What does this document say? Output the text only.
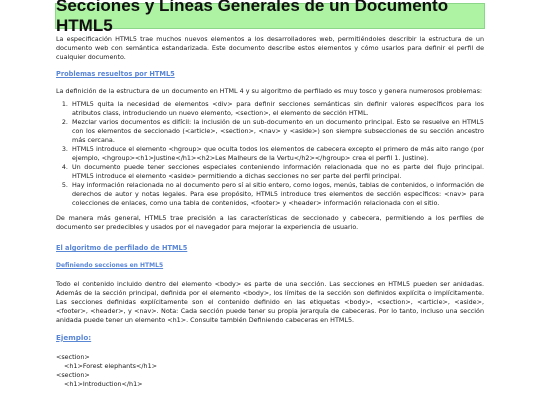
Secciones y Líneas Generales de un Documento HTML5

La especificación HTML5 trae muchos nuevos elementos a los desarrolladores web, permitiéndoles describir la estructura de un documento web con semántica estandarizada. Este documento describe estos elementos y cómo usarlos para definir el perfil de cualquier documento.

Problemas resueltos por HTML5

La definición de la estructura de un documento en HTML 4 y su algoritmo de perfilado es muy tosco y genera numerosos problemas:

1. HTML5 quita la necesidad de elementos <div> para definir secciones semánticas sin definir valores específicos para los atributos class, introduciendo un nuevo elemento, <section>, el elemento de sección HTML.
2. Mezclar varios documentos es difícil: la inclusión de un sub-documento en un documento principal. Esto se resuelve en HTML5 con los elementos de seccionado (<article>, <section>, <nav> y <aside>) son siempre subsecciones de su sección ancestro más cercana.
3. HTML5 introduce el elemento <hgroup> que oculta todos los elementos de cabecera excepto el primero de más alto rango (por ejemplo, <hgroup><h1>Justine</h1><h2>Les Malheurs de la Vertu</h2></hgroup> crea el perfil 1. Justine).
4. Un documento puede tener secciones especiales conteniendo información relacionada que no es parte del flujo principal. HTML5 introduce el elemento <aside> permitiendo a dichas secciones no ser parte del perfil principal.
5. Hay información relacionada no al documento pero sí al sitio entero, como logos, menús, tablas de contenidos, o información de derechos de autor y notas legales. Para ese propósito, HTML5 introduce tres elementos de sección específicos: <nav> para colecciones de enlaces, como una tabla de contenidos, <footer> y <header> información relacionada con el sitio.

De manera más general, HTML5 trae precisión a las características de seccionado y cabecera, permitiendo a los perfiles de documento ser predecibles y usados por el navegador para mejorar la experiencia de usuario.

El algoritmo de perfilado de HTML5
Definiendo secciones en HTML5

Todo el contenido incluido dentro del elemento <body> es parte de una sección. Las secciones en HTML5 pueden ser anidadas. Además de la sección principal, definida por el elemento <body>, los límites de la sección son definidos explícita o implícitamente. Las secciones definidas explícitamente son el contenido definido en las etiquetas <body>, <section>, <article>, <aside>, <footer>, <header>, y <nav>. Nota: Cada sección puede tener su propia jerarquía de cabeceras. Por lo tanto, incluso una sección anidada puede tener un elemento <h1>. Consulte también Definiendo cabeceras en HTML5.

Ejemplo:
<section>
<h1>Forest elephants</h1>
<section>
<h1>Introduction</h1>
